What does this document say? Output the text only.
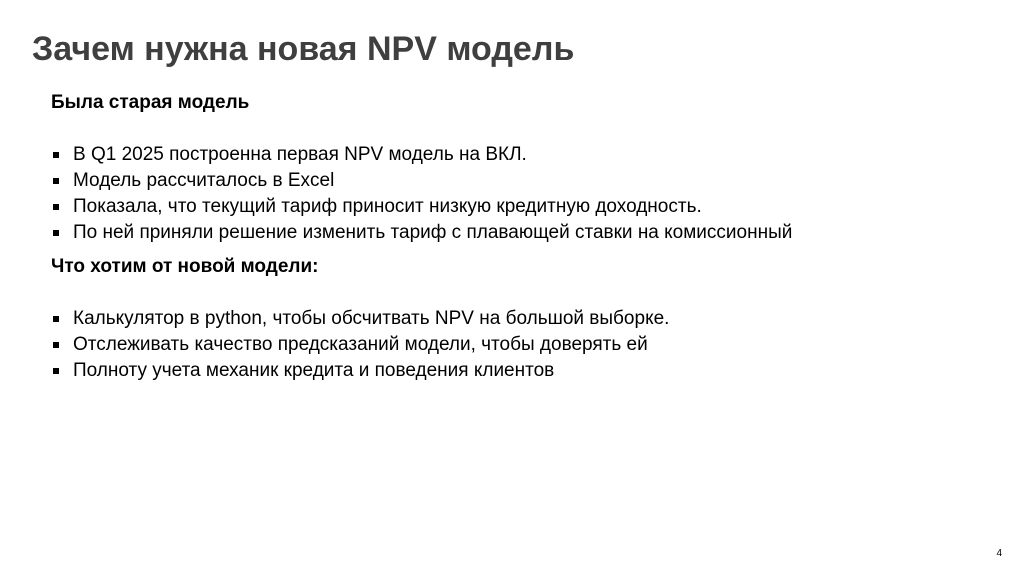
Зачем нужна новая NPV модель

Была старая модель

В Q1 2025 построенна первая NPV модель на ВКЛ.
Модель рассчиталось в Excel
Показала, что текущий тариф приносит низкую кредитную доходность.
По ней приняли решение изменить тариф с плавающей ставки на комиссионный

Что хотим от новой модели:

Калькулятор в python, чтобы обсчитвать NPV на большой выборке.
Отслеживать качество предсказаний модели, чтобы доверять ей
Полноту учета механик кредита и поведения клиентов
4
